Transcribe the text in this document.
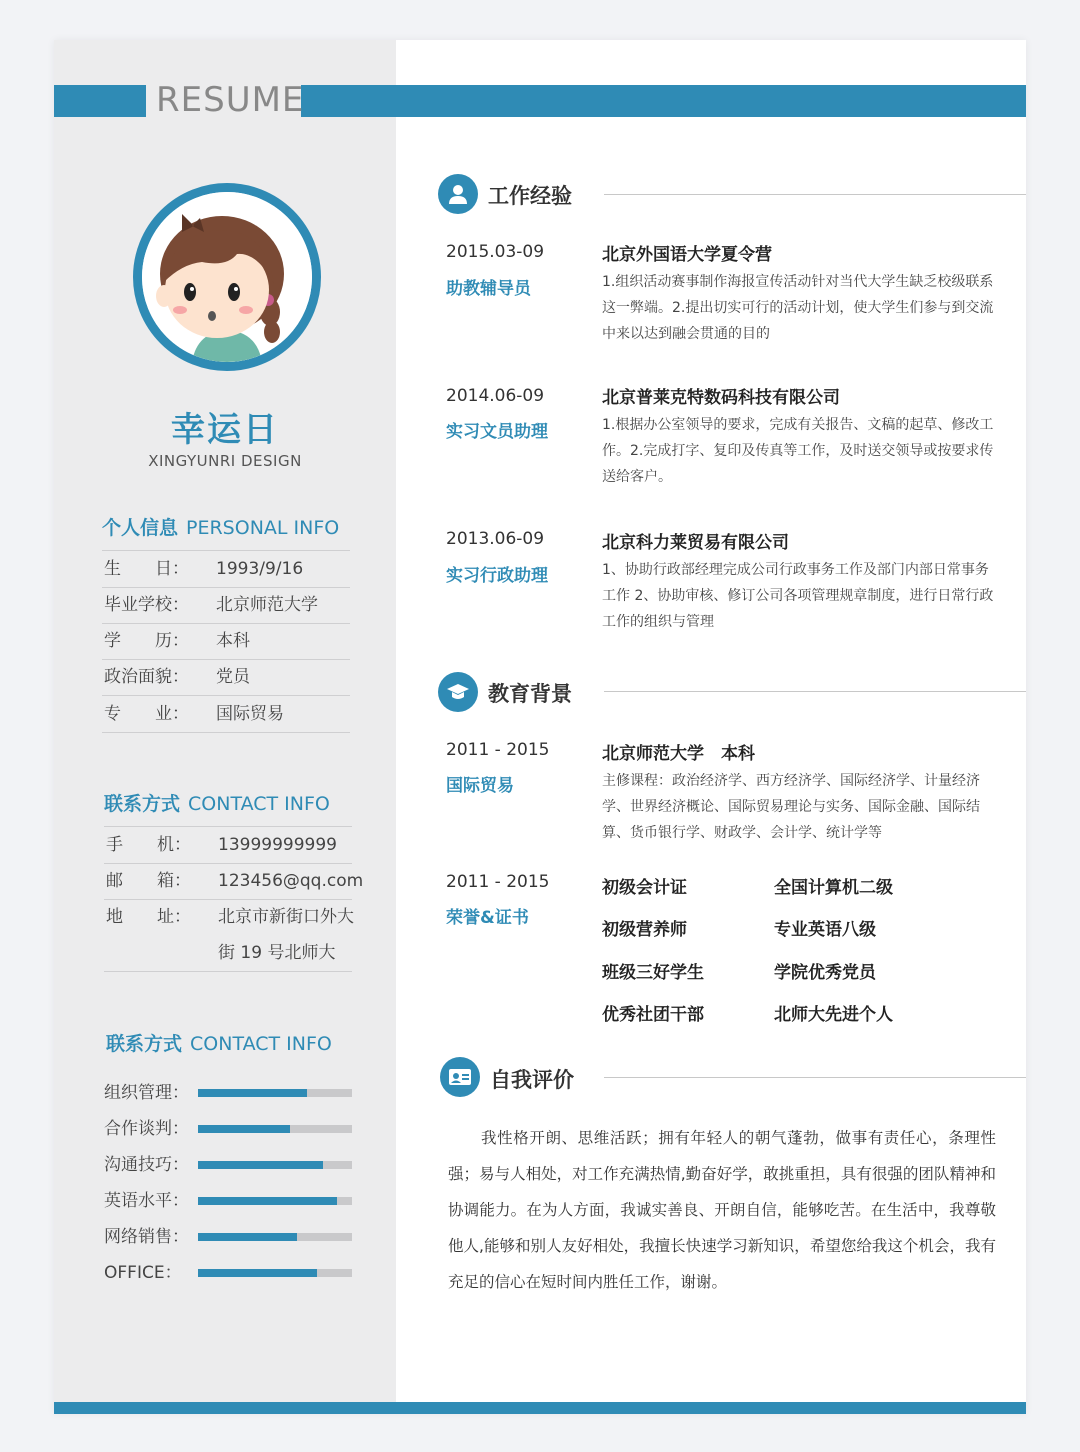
RESUME
幸运日
XINGYUNRI DESIGN
个人信息 PERSONAL INFO
生　　日： 1993/9/16
毕业学校： 北京师范大学
学　　历： 本科
政治面貌： 党员
专　　业： 国际贸易
联系方式 CONTACT INFO
手　　机： 13999999999
邮　　箱： 123456@qq.com
地　　址： 北京市新街口外大
街 19 号北师大
联系方式 CONTACT INFO
组织管理：
合作谈判：
沟通技巧：
英语水平：
网络销售：
OFFICE：
工作经验
2015.03-09
助教辅导员
北京外国语大学夏令营
1.组织活动赛事制作海报宣传活动针对当代大学生缺乏校级联系这一弊端。2.提出切实可行的活动计划，使大学生们参与到交流中来以达到融会贯通的目的
2014.06-09
实习文员助理
北京普莱克特数码科技有限公司
1.根据办公室领导的要求，完成有关报告、文稿的起草、修改工作。2.完成打字、复印及传真等工作，及时送交领导或按要求传送给客户。
2013.06-09
实习行政助理
北京科力莱贸易有限公司
1、协助行政部经理完成公司行政事务工作及部门内部日常事务工作 2、协助审核、修订公司各项管理规章制度，进行日常行政工作的组织与管理
教育背景
2011 - 2015
国际贸易
北京师范大学　本科
主修课程：政治经济学、西方经济学、国际经济学、计量经济学、世界经济概论、国际贸易理论与实务、国际金融、国际结算、货币银行学、财政学、会计学、统计学等
2011 - 2015
荣誉&证书
初级会计证	全国计算机二级
初级营养师	专业英语八级
班级三好学生	学院优秀党员
优秀社团干部	北师大先进个人
自我评价
我性格开朗、思维活跃；拥有年轻人的朝气蓬勃，做事有责任心，条理性强；易与人相处，对工作充满热情,勤奋好学，敢挑重担，具有很强的团队精神和协调能力。在为人方面，我诚实善良、开朗自信，能够吃苦。在生活中，我尊敬他人,能够和别人友好相处，我擅长快速学习新知识，希望您给我这个机会，我有充足的信心在短时间内胜任工作，谢谢。
